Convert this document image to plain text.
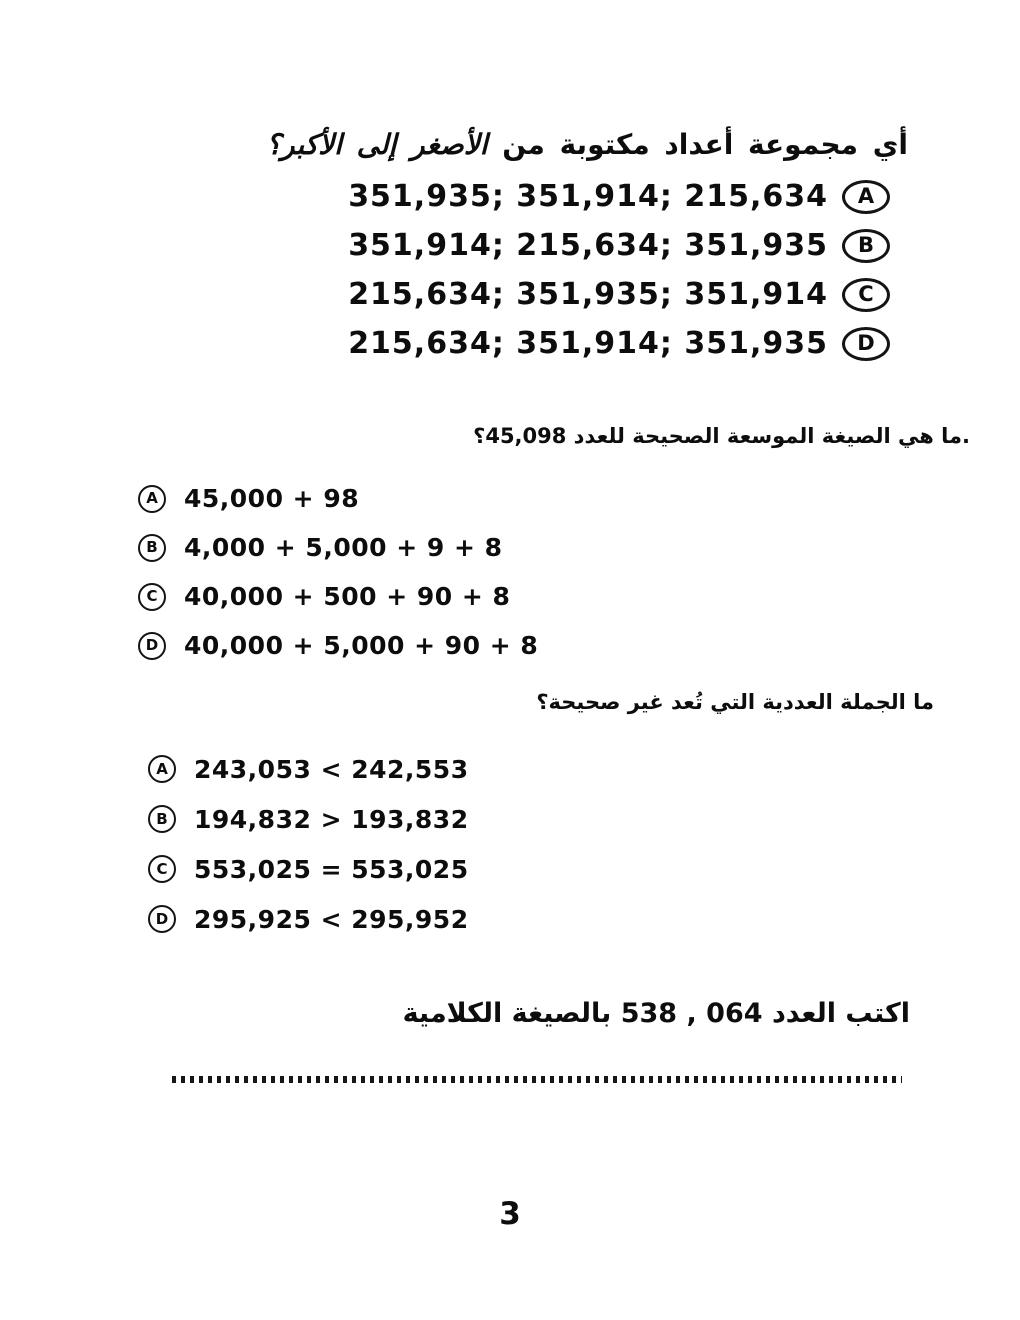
أي مجموعة أعداد مكتوبة من الأصغر إلى الأكبر؟
351,935; 351,914; 215,634	A
351,914; 215,634; 351,935	B
215,634; 351,935; 351,914	C
215,634; 351,914; 351,935	D
.ما هي الصيغة الموسعة الصحيحة للعدد 45,098؟
A	45,000 + 98
B	4,000 + 5,000 + 9 + 8
C	40,000 + 500 + 90 + 8
D	40,000 + 5,000 + 90 + 8
ما الجملة العددية التي تُعد غير صحيحة؟
A	243,053 < 242,553
B	194,832 > 193,832
C	553,025 = 553,025
D	295,925 < 295,952
اكتب العدد 064 , 538 بالصيغة الكلامية
3
